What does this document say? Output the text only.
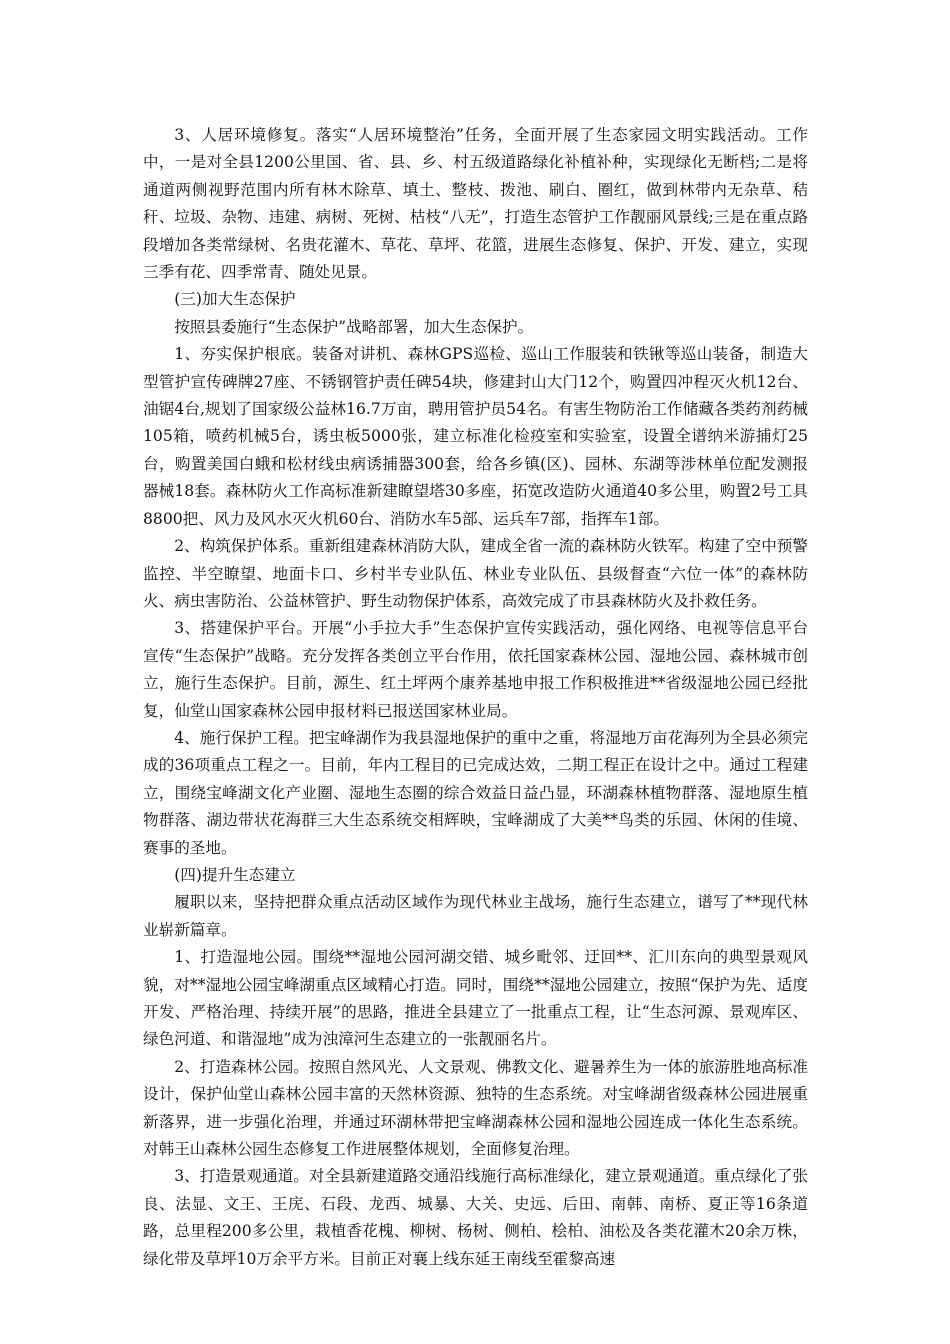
3、人居环境修复。落实“人居环境整治”任务，全面开展了生态家园文明实践活动。工作中，一是对全县1200公里国、省、县、乡、村五级道路绿化补植补种，实现绿化无断档;二是将通道两侧视野范围内所有林木除草、填土、整枝、拨池、刷白、圈红，做到林带内无杂草、秸秆、垃圾、杂物、违建、病树、死树、枯枝“八无”，打造生态管护工作靓丽风景线;三是在重点路段增加各类常绿树、名贵花灌木、草花、草坪、花篮，进展生态修复、保护、开发、建立，实现三季有花、四季常青、随处见景。

(三)加大生态保护

按照县委施行“生态保护”战略部署，加大生态保护。

1、夯实保护根底。装备对讲机、森林GPS巡检、巡山工作服装和铁锹等巡山装备，制造大型管护宣传碑牌27座、不锈钢管护责任碑54块，修建封山大门12个，购置四冲程灭火机12台、油锯4台,规划了国家级公益林16.7万亩，聘用管护员54名。有害生物防治工作储藏各类药剂药械105箱，喷药机械5台，诱虫板5000张，建立标准化检疫室和实验室，设置全谱纳米游捕灯25台，购置美国白蛾和松材线虫病诱捕器300套，给各乡镇(区)、园林、东湖等涉林单位配发测报器械18套。森林防火工作高标准新建瞭望塔30多座，拓宽改造防火通道40多公里，购置2号工具8800把、风力及风水灭火机60台、消防水车5部、运兵车7部，指挥车1部。

2、构筑保护体系。重新组建森林消防大队，建成全省一流的森林防火铁军。构建了空中预警监控、半空瞭望、地面卡口、乡村半专业队伍、林业专业队伍、县级督查“六位一体”的森林防火、病虫害防治、公益林管护、野生动物保护体系，高效完成了市县森林防火及扑救任务。

3、搭建保护平台。开展“小手拉大手”生态保护宣传实践活动，强化网络、电视等信息平台宣传“生态保护”战略。充分发挥各类创立平台作用，依托国家森林公园、湿地公园、森林城市创立，施行生态保护。目前，源生、红土坪两个康养基地申报工作积极推进**省级湿地公园已经批复，仙堂山国家森林公园申报材料已报送国家林业局。

4、施行保护工程。把宝峰湖作为我县湿地保护的重中之重，将湿地万亩花海列为全县必须完成的36项重点工程之一。目前，年内工程目的已完成达效，二期工程正在设计之中。通过工程建立，围绕宝峰湖文化产业圈、湿地生态圈的综合效益日益凸显，环湖森林植物群落、湿地原生植物群落、湖边带状花海群三大生态系统交相辉映，宝峰湖成了大美**鸟类的乐园、休闲的佳境、赛事的圣地。

(四)提升生态建立

履职以来，坚持把群众重点活动区域作为现代林业主战场，施行生态建立，谱写了**现代林业崭新篇章。

1、打造湿地公园。围绕**湿地公园河湖交错、城乡毗邻、迂回**、汇川东向的典型景观风貌，对**湿地公园宝峰湖重点区域精心打造。同时，围绕**湿地公园建立，按照“保护为先、适度开发、严格治理、持续开展”的思路，推进全县建立了一批重点工程，让“生态河源、景观库区、绿色河道、和谐湿地”成为浊漳河生态建立的一张靓丽名片。

2、打造森林公园。按照自然风光、人文景观、佛教文化、避暑养生为一体的旅游胜地高标准设计，保护仙堂山森林公园丰富的天然林资源、独特的生态系统。对宝峰湖省级森林公园进展重新落界，进一步强化治理，并通过环湖林带把宝峰湖森林公园和湿地公园连成一体化生态系统。对韩王山森林公园生态修复工作进展整体规划，全面修复治理。

3、打造景观通道。对全县新建道路交通沿线施行高标准绿化，建立景观通道。重点绿化了张良、法显、文王、王庑、石段、龙西、城暴、大关、史远、后田、南韩、南桥、夏正等16条道路，总里程200多公里，栽植香花槐、柳树、杨树、侧柏、桧柏、油松及各类花灌木20余万株，绿化带及草坪10万余平方米。目前正对襄上线东延王南线至霍黎高速
